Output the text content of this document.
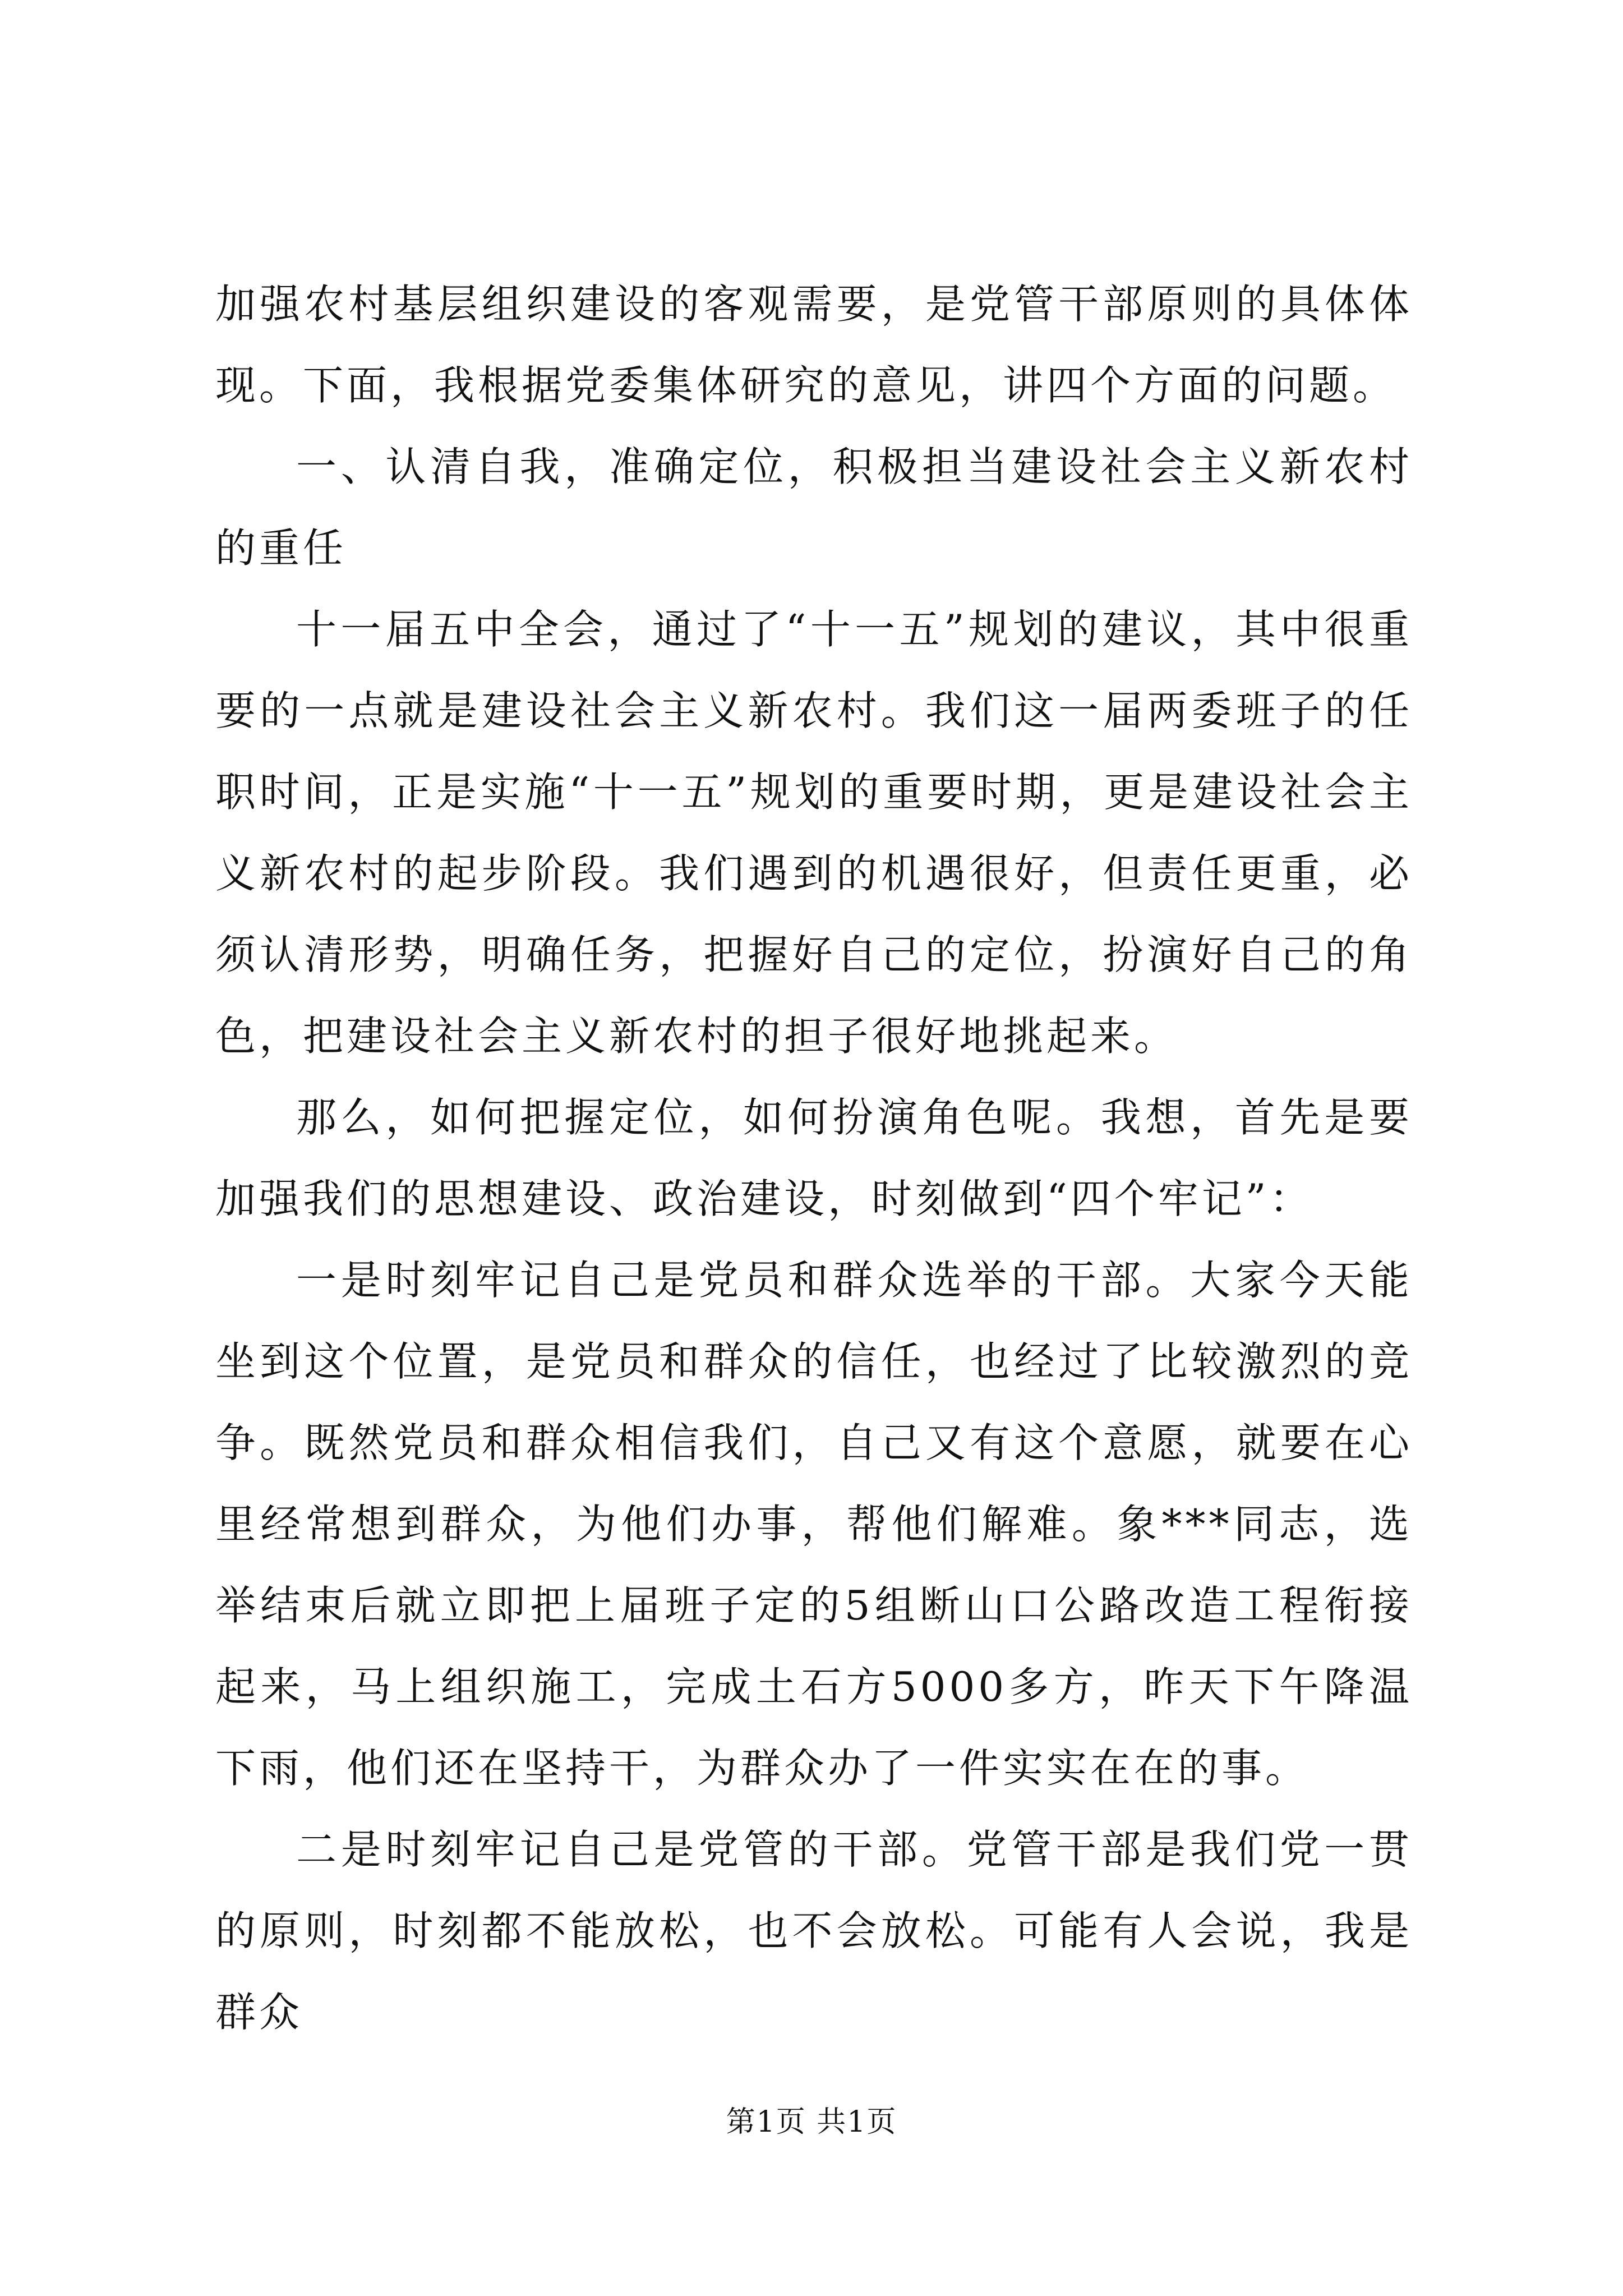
加强农村基层组织建设的客观需要，是党管干部原则的具体体现。下面，我根据党委集体研究的意见，讲四个方面的问题。

一、认清自我，准确定位，积极担当建设社会主义新农村的重任

十一届五中全会，通过了“十一五”规划的建议，其中很重要的一点就是建设社会主义新农村。我们这一届两委班子的任职时间，正是实施“十一五”规划的重要时期，更是建设社会主义新农村的起步阶段。我们遇到的机遇很好，但责任更重，必须认清形势，明确任务，把握好自己的定位，扮演好自己的角色，把建设社会主义新农村的担子很好地挑起来。

那么，如何把握定位，如何扮演角色呢。我想，首先是要加强我们的思想建设、政治建设，时刻做到“四个牢记”：

一是时刻牢记自己是党员和群众选举的干部。大家今天能坐到这个位置，是党员和群众的信任，也经过了比较激烈的竞争。既然党员和群众相信我们，自己又有这个意愿，就要在心里经常想到群众，为他们办事，帮他们解难。象***同志，选举结束后就立即把上届班子定的5组断山口公路改造工程衔接起来，马上组织施工，完成土石方5000多方，昨天下午降温下雨，他们还在坚持干，为群众办了一件实实在在的事。

二是时刻牢记自己是党管的干部。党管干部是我们党一贯的原则，时刻都不能放松，也不会放松。可能有人会说，我是群众

第1页 共1页
